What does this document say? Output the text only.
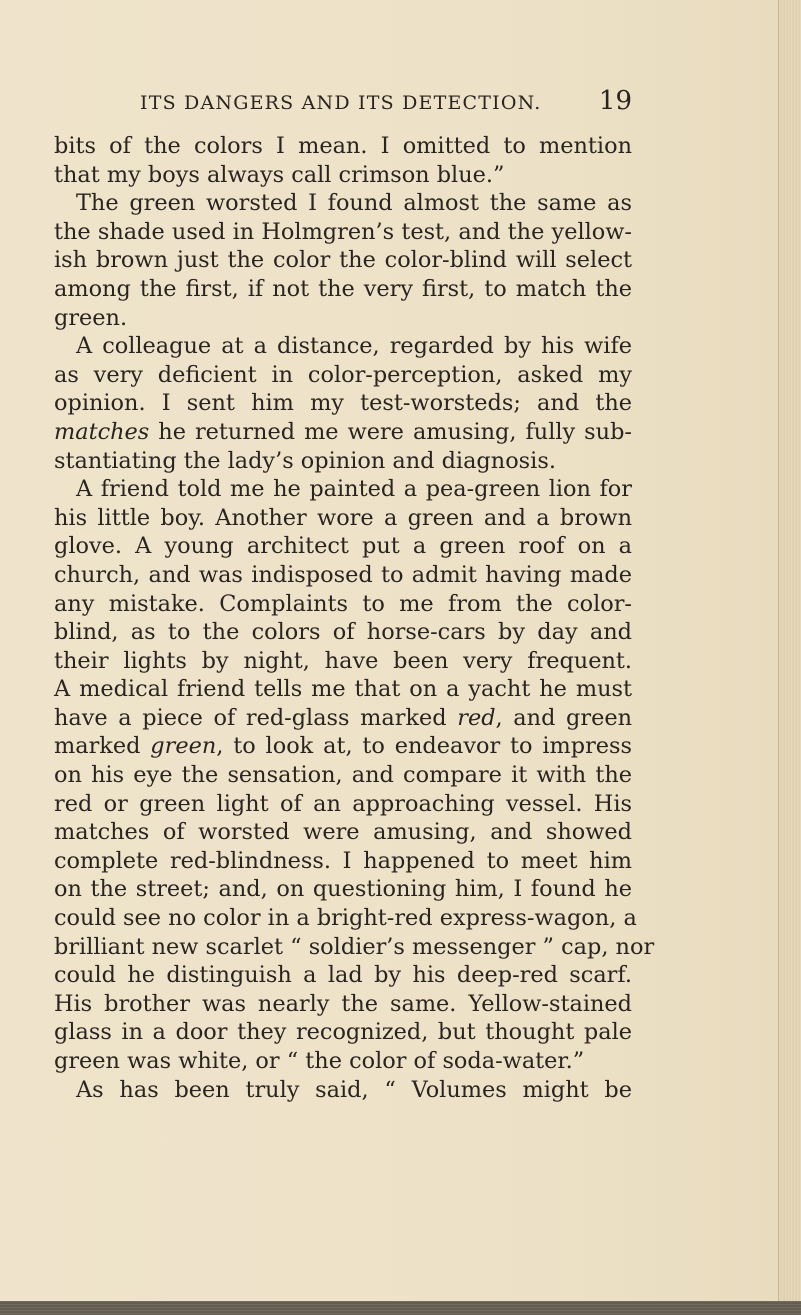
ITS DANGERS AND ITS DETECTION. 19
bits of the colors I mean. I omitted to mention
that my boys always call crimson blue.”
The green worsted I found almost the same as
the shade used in Holmgren’s test, and the yellow-
ish brown just the color the color-blind will select
among the first, if not the very first, to match the
green.
A colleague at a distance, regarded by his wife
as very deficient in color-perception, asked my
opinion. I sent him my test-worsteds; and the
matches he returned me were amusing, fully sub-
stantiating the lady’s opinion and diagnosis.
A friend told me he painted a pea-green lion for
his little boy. Another wore a green and a brown
glove. A young architect put a green roof on a
church, and was indisposed to admit having made
any mistake. Complaints to me from the color-
blind, as to the colors of horse-cars by day and
their lights by night, have been very frequent.
A medical friend tells me that on a yacht he must
have a piece of red-glass marked red, and green
marked green, to look at, to endeavor to impress
on his eye the sensation, and compare it with the
red or green light of an approaching vessel. His
matches of worsted were amusing, and showed
complete red-blindness. I happened to meet him
on the street; and, on questioning him, I found he
could see no color in a bright-red express-wagon, a
brilliant new scarlet “ soldier’s messenger ” cap, nor
could he distinguish a lad by his deep-red scarf.
His brother was nearly the same. Yellow-stained
glass in a door they recognized, but thought pale
green was white, or “ the color of soda-water.”
As has been truly said, “ Volumes might be
